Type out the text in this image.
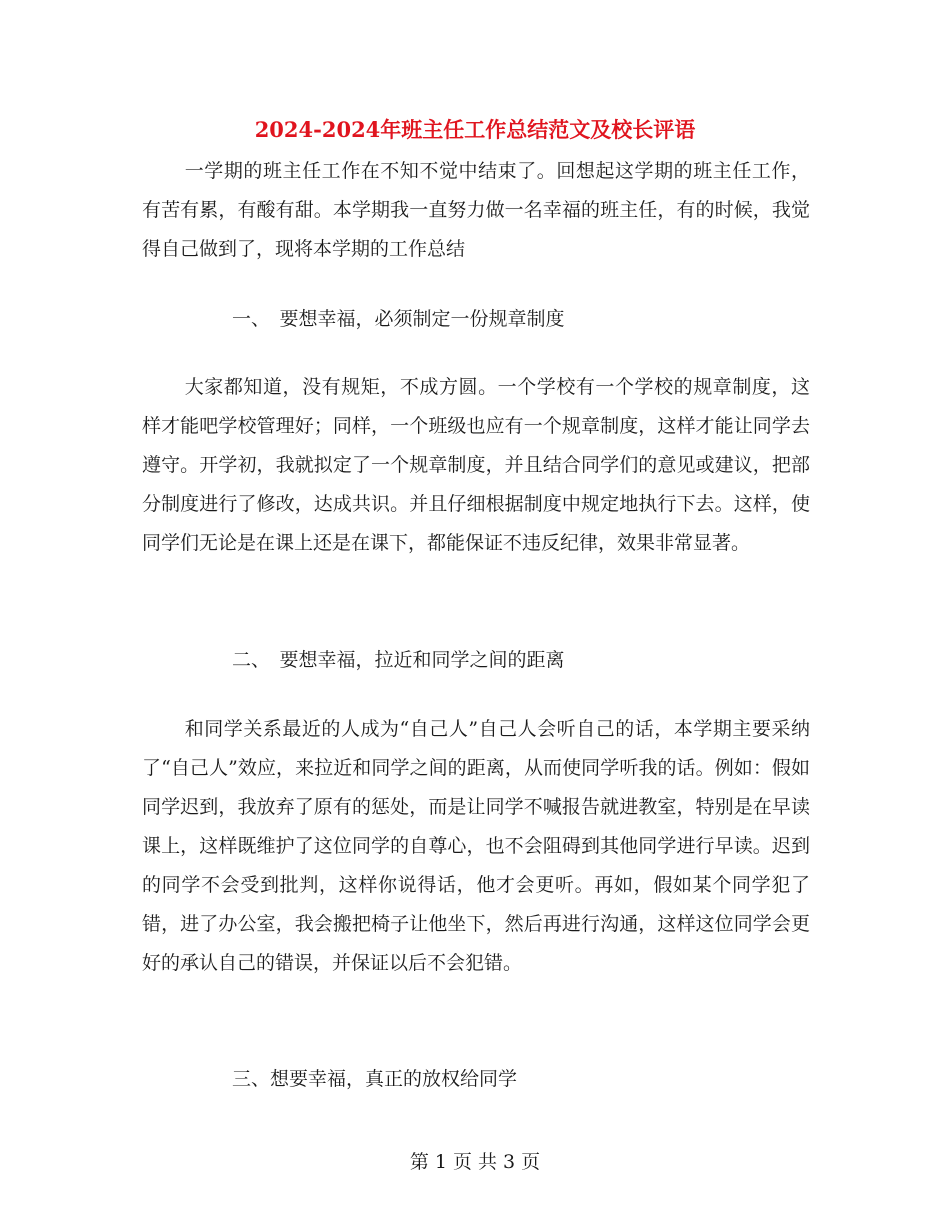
2024-2024年班主任工作总结范文及校长评语
一学期的班主任工作在不知不觉中结束了。回想起这学期的班主任工作，有苦有累，有酸有甜。本学期我一直努力做一名幸福的班主任，有的时候，我觉得自己做到了，现将本学期的工作总结
一、　要想幸福，必须制定一份规章制度
大家都知道，没有规矩，不成方圆。一个学校有一个学校的规章制度，这样才能吧学校管理好；同样，一个班级也应有一个规章制度，这样才能让同学去遵守。开学初，我就拟定了一个规章制度，并且结合同学们的意见或建议，把部分制度进行了修改，达成共识。并且仔细根据制度中规定地执行下去。这样，使同学们无论是在课上还是在课下，都能保证不违反纪律，效果非常显著。
二、　要想幸福，拉近和同学之间的距离
和同学关系最近的人成为“自己人”自己人会听自己的话，本学期主要采纳了“自己人”效应，来拉近和同学之间的距离，从而使同学听我的话。例如：假如同学迟到，我放弃了原有的惩处，而是让同学不喊报告就进教室，特别是在早读课上，这样既维护了这位同学的自尊心，也不会阻碍到其他同学进行早读。迟到的同学不会受到批判，这样你说得话，他才会更听。再如，假如某个同学犯了错，进了办公室，我会搬把椅子让他坐下，然后再进行沟通，这样这位同学会更好的承认自己的错误，并保证以后不会犯错。
三、想要幸福，真正的放权给同学
第 1 页 共 3 页
